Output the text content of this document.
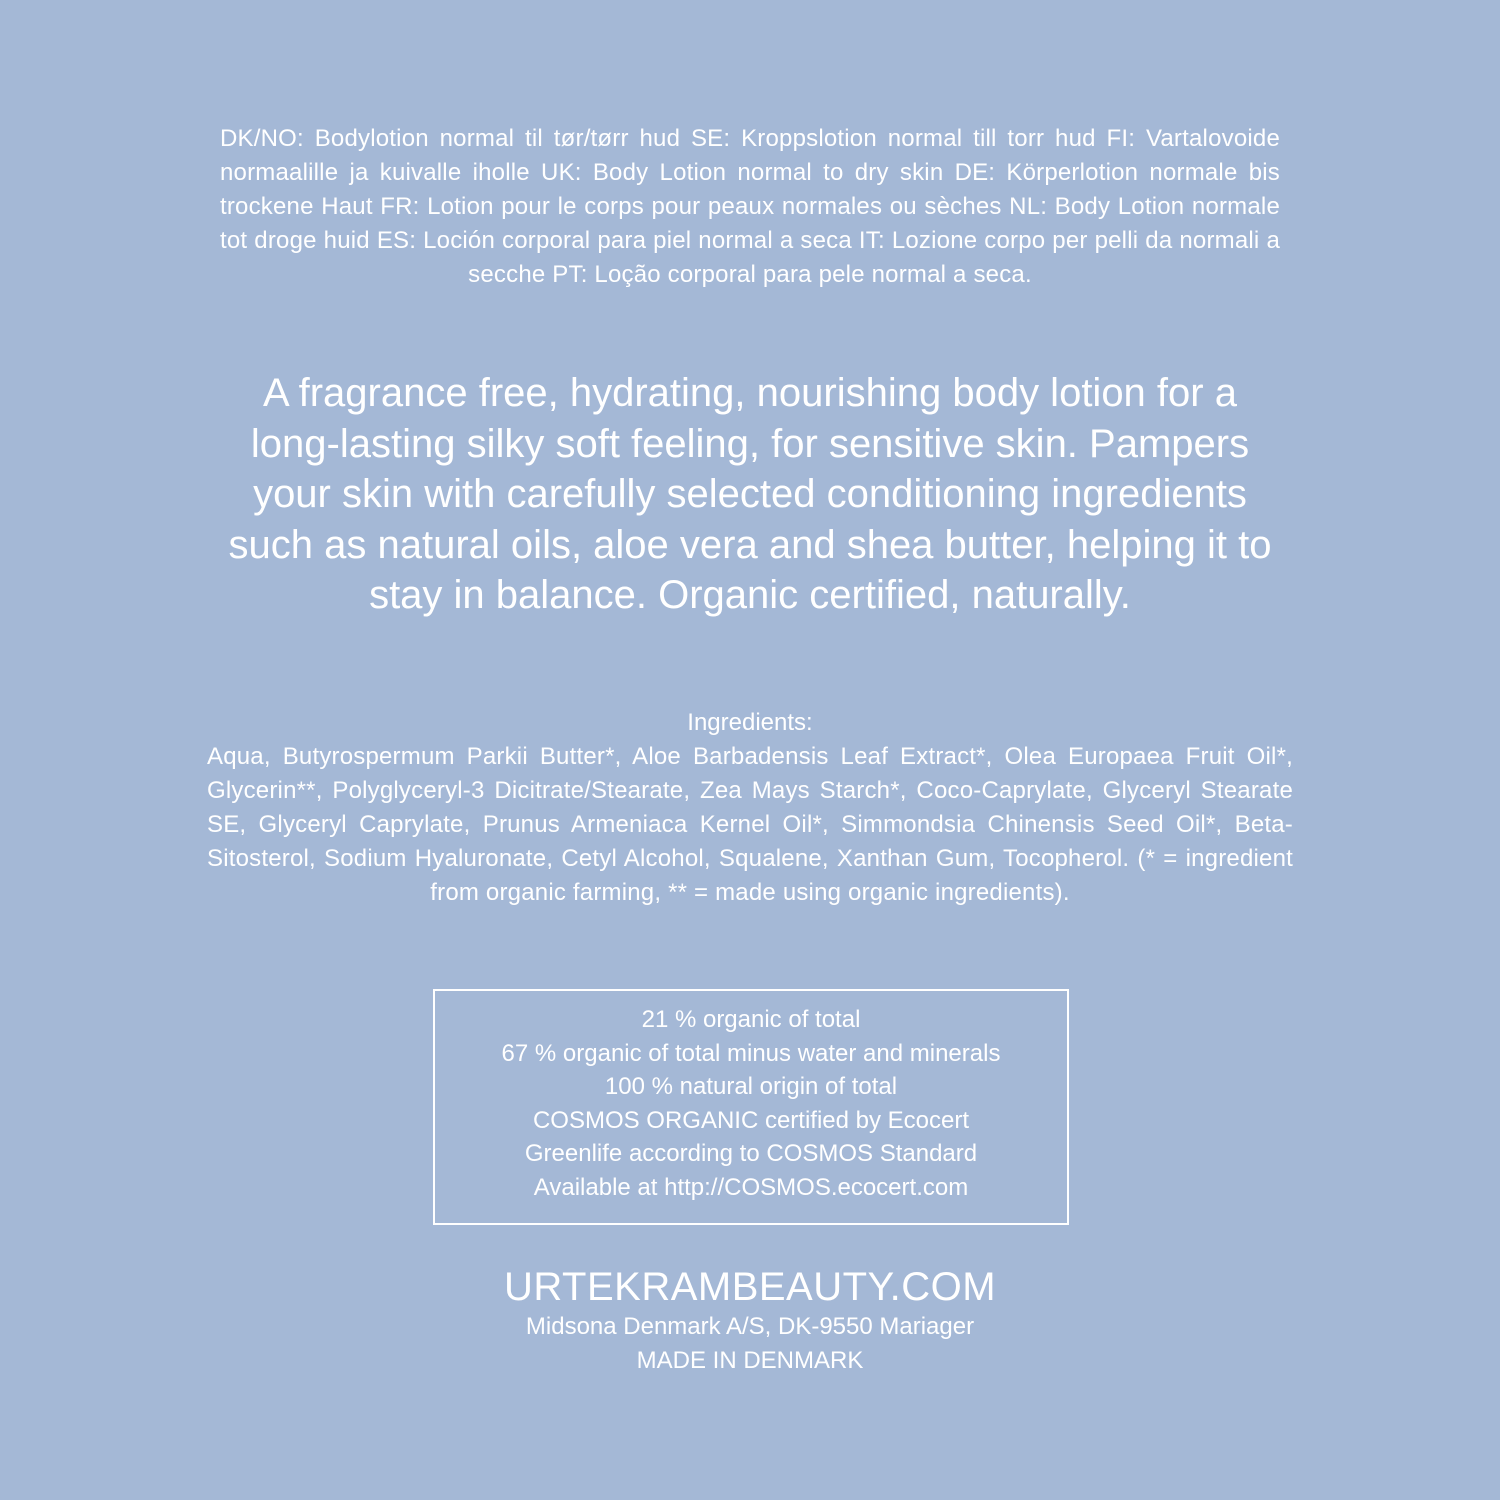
DK/NO: Bodylotion normal til tør/tørr hud SE: Kroppslotion normal till torr hud FI: Vartalovoide normaalille ja kuivalle iholle UK: Body Lotion normal to dry skin DE: Körperlotion normale bis trockene Haut FR: Lotion pour le corps pour peaux normales ou sèches NL: Body Lotion normale tot droge huid ES: Loción corporal para piel normal a seca IT: Lozione corpo per pelli da normali a secche PT: Loção corporal para pele normal a seca.
A fragrance free, hydrating, nourishing body lotion for a long-lasting silky soft feeling, for sensitive skin. Pampers your skin with carefully selected conditioning ingredients such as natural oils, aloe vera and shea butter, helping it to stay in balance. Organic certified, naturally.
Ingredients:
Aqua, Butyrospermum Parkii Butter*, Aloe Barbadensis Leaf Extract*, Olea Europaea Fruit Oil*, Glycerin**, Polyglyceryl-3 Dicitrate/Stearate, Zea Mays Starch*, Coco-Caprylate, Glyceryl Stearate SE, Glyceryl Caprylate, Prunus Armeniaca Kernel Oil*, Simmondsia Chinensis Seed Oil*, Beta-Sitosterol, Sodium Hyaluronate, Cetyl Alcohol, Squalene, Xanthan Gum, Tocopherol. (* = ingredient from organic farming, ** = made using organic ingredients).
21 % organic of total
67 % organic of total minus water and minerals
100 % natural origin of total
COSMOS ORGANIC certified by Ecocert
Greenlife according to COSMOS Standard
Available at http://COSMOS.ecocert.com
URTEKRAMBEAUTY.COM
Midsona Denmark A/S, DK-9550 Mariager
MADE IN DENMARK
